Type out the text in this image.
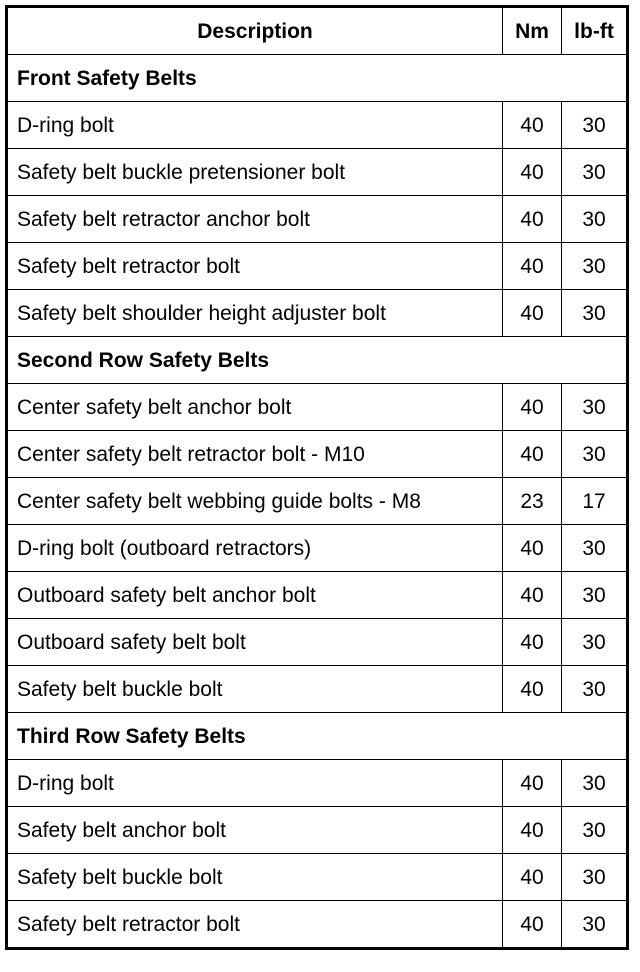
Description	Nm	lb-ft
Front Safety Belts		
D-ring bolt	40	30
Safety belt buckle pretensioner bolt	40	30
Safety belt retractor anchor bolt	40	30
Safety belt retractor bolt	40	30
Safety belt shoulder height adjuster bolt	40	30
Second Row Safety Belts		
Center safety belt anchor bolt	40	30
Center safety belt retractor bolt - M10	40	30
Center safety belt webbing guide bolts - M8	23	17
D-ring bolt (outboard retractors)	40	30
Outboard safety belt anchor bolt	40	30
Outboard safety belt bolt	40	30
Safety belt buckle bolt	40	30
Third Row Safety Belts		
D-ring bolt	40	30
Safety belt anchor bolt	40	30
Safety belt buckle bolt	40	30
Safety belt retractor bolt	40	30
